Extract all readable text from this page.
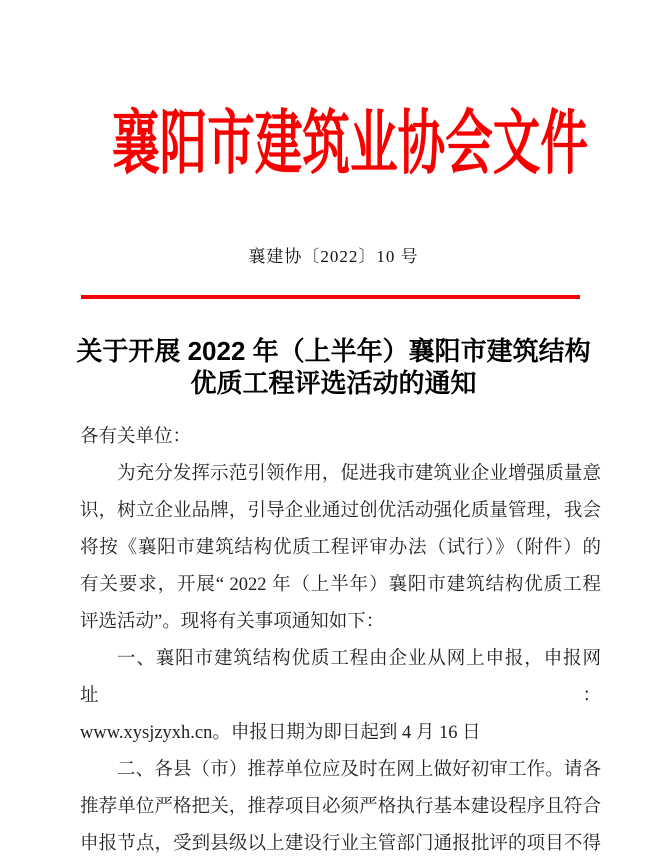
襄阳市建筑业协会文件
襄建协〔2022〕10 号
关于开展 2022 年（上半年）襄阳市建筑结构
优质工程评选活动的通知
各有关单位：
为充分发挥示范引领作用，促进我市建筑业企业增强质量意
识，树立企业品牌，引导企业通过创优活动强化质量管理，我会
将按《襄阳市建筑结构优质工程评审办法（试行）》（附件）的
有关要求，开展“ 2022 年（上半年）襄阳市建筑结构优质工程
评选活动”。现将有关事项通知如下：
一、襄阳市建筑结构优质工程由企业从网上申报，申报网址：
www.xysjzyxh.cn。申报日期为即日起到 4 月 16 日
二、各县（市）推荐单位应及时在网上做好初审工作。请各
推荐单位严格把关，推荐项目必须严格执行基本建设程序且符合
申报节点，受到县级以上建设行业主管部门通报批评的项目不得
